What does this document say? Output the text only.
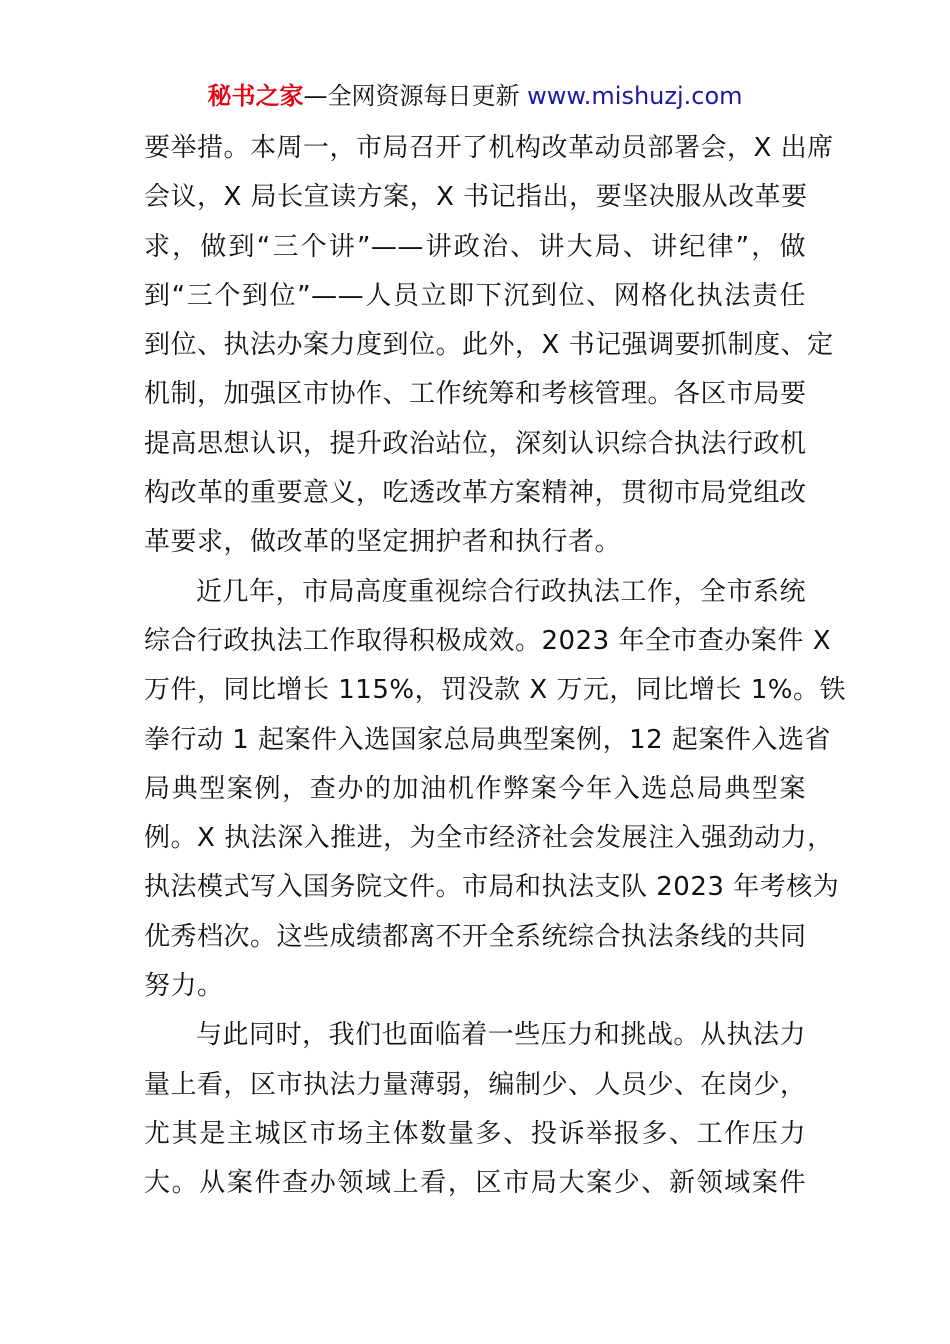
秘书之家—全网资源每日更新 www.mishuzj.com
要举措。本周一，市局召开了机构改革动员部署会，X 出席
会议，X 局长宣读方案，X 书记指出，要坚决服从改革要
求，做到“三个讲”——讲政治、讲大局、讲纪律”，做
到“三个到位”——人员立即下沉到位、网格化执法责任
到位、执法办案力度到位。此外，X 书记强调要抓制度、定
机制，加强区市协作、工作统筹和考核管理。各区市局要
提高思想认识，提升政治站位，深刻认识综合执法行政机
构改革的重要意义，吃透改革方案精神，贯彻市局党组改
革要求，做改革的坚定拥护者和执行者。
近几年，市局高度重视综合行政执法工作，全市系统
综合行政执法工作取得积极成效。2023 年全市查办案件 X
万件，同比增长 115%，罚没款 X 万元，同比增长 1%。铁
拳行动 1 起案件入选国家总局典型案例，12 起案件入选省
局典型案例，查办的加油机作弊案今年入选总局典型案
例。X 执法深入推进，为全市经济社会发展注入强劲动力，
执法模式写入国务院文件。市局和执法支队 2023 年考核为
优秀档次。这些成绩都离不开全系统综合执法条线的共同
努力。
与此同时，我们也面临着一些压力和挑战。从执法力
量上看，区市执法力量薄弱，编制少、人员少、在岗少，
尤其是主城区市场主体数量多、投诉举报多、工作压力
大。从案件查办领域上看，区市局大案少、新领域案件
